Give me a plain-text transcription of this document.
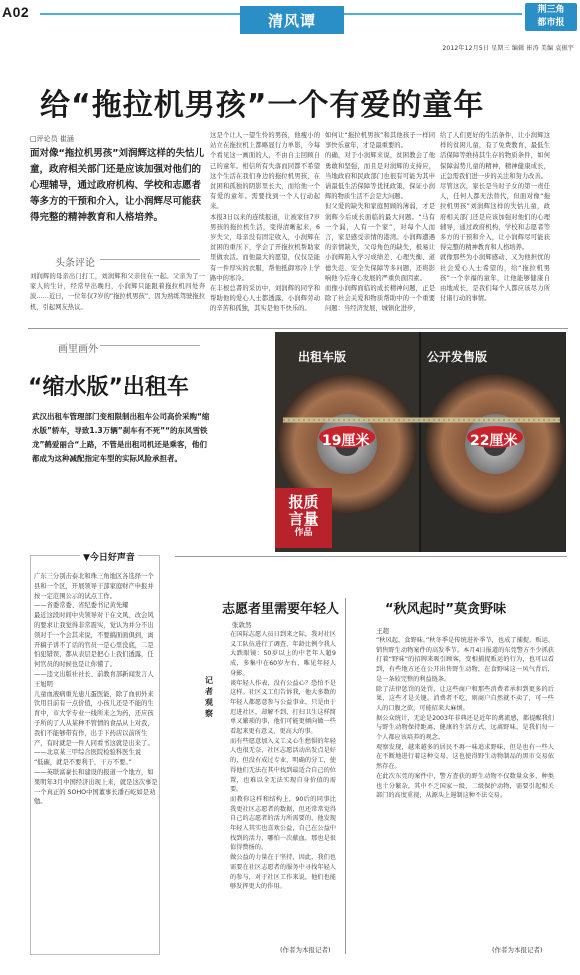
A02	清风谭
荆三角
都市报
2012年12月5日 星期三 编辑 崔涛 美编 袁振宇
给“拖拉机男孩”一个有爱的童年
□评论员 崔涵
面对像“拖拉机男孩”刘润辉这样的失怙儿童，政府相关部门还是应该加强对他们的心理辅导，通过政府机构、学校和志愿者等多方的干预和介入，让小润辉尽可能获得完整的精神教育和人格培养。
头条评论
刘润辉的母亲出门打工，刘润辉和父亲住在一起。父亲为了一家人的生计，经常早出晚归，小润辉只能跟着拖拉机四处奔波……近日，一位年仅7岁的“拖拉机男孩”，因为熟练驾驶拖拉机，引起网友热议。
这是个让人一望生怜的男孩，他瘦小的站立在拖拉机上都略显行力单影，今每个看见这一画面的人，不由自主回顾自己的童年。相信所有失落而同都不希望这个生活在我们身边的拖拉机男孩，在贫困和孤独的阴影里长大，而给他一个有爱的童年。需要找到一个人行动起来。
本报3日以来的连续报道，让被家住7岁男孩的拖拉机生活，变得清晰起来，6岁失父，母亲没有固定收入，小润辉在贫困的重压下，学会了开拖拉机帮助家里做农活。而他最大的愿望，仅仅是能有一件厚实的衣服，帮他抵御寒冷上学路中的寒冷。
在丰根总書的采访中，刘润辉的同学和帮助他的爱心人士都透露，小润辉劳动的辛苦和孤独，其实是他不快乐的。
如何让“拖拉机男孩”和其他孩子一样同享快乐童年，才是最重要的。
的确，对于小润辉来说，贫困教会了他勇敢和坚强，而且是对润辉的支持应，当地政府和民政部门也很有可能为其申请最低生活保障等优抚政策，保证小润辉的物质生活不会是大问题。
但父爱的缺失和家庭照顾的薄弱，才是润辉今后成长面临的最大问题。“马有一个漏，人有一个家”，对每个人而言，家是感受亲情的港湾。小润辉遭遇的亲情缺失，父母角色的缺失，极易让小润辉陷入学习成绩差、心理失衡、道德失范、安全失保障等多问题，还将影响他今后身心发展的严重负面因素。
而像小润辉面临的成长精神问题，正是除了社会关爱和物质帮助中的一个重要问题：当经济发展，城镇化进步，
给了人们更好的生活条件，让小润辉这样的贫困儿童，有了免费教育，最低生活保障等维持其生存的物质条件，如何保障弱势儿童的精神，精神健康成长，正急需我们进一步的关注和努力改善。
尽管这次，家长是当时子女的第一责任人，任何人都无法替代，但面对像“拖拉机男孩”刘润辉这样的失怙儿童，政府相关部门还是应该加强对他们的心理辅导，通过政府机构，学校和志愿者等多方的干预和介入，让小润辉尽可能获得完整的精神教育和人格培养。
就像那些为小润辉感动、又为他担忧的社会爱心人士希望的，给“拖拉机男孩”一个幸福的童年，让他能够健康自由地成长，是我们每个人都应该尽力所付诸行动的事情。
画里画外
“缩水版”出租车
武汉出租车管理部门变相限制出租车公司高价采购“缩水版”轿车，导致1.3万辆”刹车有不死”“的东风雪铁龙”鹤爱丽合“上路，不管是出租司机还是乘客，他们都成为这种减配指定车型的实际风险承担者。
出租车版	公开发售版
19厘米	22厘米
报质
言量
作品
▼今日好声音
广东三分别击泰北和珠三角地区各选择一个县和一个区，开展领导干部家庭财产申报并按一定范围公示的试点工作。
——省委常委、省纪委书记黄先耀
最近这段时间中央领导对干在文风、改会风的要求让我觉得非常震实，觉认为并分不出领对于一个会其来说，不要搞面面俱到，离开稿子讲不了话的官员一是心里没底，二是怕犯错误，都从表层是把心上我们透露，任何官员的时候也是让你懂了。
——违文出版社社长、前教育部新闻发言人王旭明
儿童血液病重光患儿蛋医能，除了血初外来饮用目前有一点价值，小孩儿还是不能的生育中，市大学专业一线所来之为药，还应孩子所的了人从某种不管情的食品从上对我，我们不能够带有作，出手下药店以前所生产，有时就是一件人同看书这就是出来了。
——北京某三甲综合医院检验科医生说
“低碳，就是不要利于，干万不要。”
——英联富豪长和建设的报道一个地方，如果明年3月中国经济出现上来，就是这次事是一个真正的 SOHO中国董事长潘石屹如是劝勉。
志愿者里需要年轻人	“秋风起时”莫贪野味
张敦然
记者观察
在国际志愿人员日到来之际，我对社区义工队伍进行了调查，年龄比例令我人大跌眼镜：50岁以上的中老年人超9成，多集中在60岁左右，唯见年轻人身影。
谈年轻人作表，没有公益心？恐怕不是这样。社区义工们告诉我，他大多数的年轻人都愿意参与公益事业，只是由于迟进社区，却解不到，打扫卫生这样简单又繁琐的事，他们可能更倾向做一些看起来更有意义、更高大的事。
而有些愿意加入义工义心生愁惧的年轻人也很无奈，社区志愿活动出发点是好的，但没有成过专业，明确的分工，使得他们无法在其中找到最适合自己的位置，也难以全无法实现自身价值的需要。
而教你这样和结构上，90后的同事比我更社区志愿者的数据，但还常常觉得自己的志愿者的活力所需要的，他发现年轻人其实也喜欢公益，自己在公益中找到的活力，哪怕一次献血，那也是很值得赞扬的。
做公益的力量在于坚持，因此，我们也需要在社区志愿者的服务中寻找年轻人的参与，对于社区工作来说，他们也能够发挥更大的作用。
(作者为本报记者)
王超
“秋风起，食野味。”秋冬季是传统进补季节，也成了捕捉、贩运、销售野生动物案件的高发季节。本月4日报道的东莞警方不少抓获打着“野味”的招牌来吸引顾客，变相捕捉贩运的行为，也可以看到，有些地方还在公开出售野生动物，在食野味这一风气背后，是一条较完整的利益链条。
除了法律惩罚的处罚，让这些商户和那些消费者承担到更多的后果，这些才是关键。消费者不吃，则商户自然就不卖了，可一些人的口腹之欲，可能招来大麻烦。
据公众统计，无论是2003年非典还是近年的禽流感，都提醒我们与野生动物保持距离，健康的生活方式、远离野味，是我们每一个人都应该培养的观念。
观察发现，越来越多的居民不再一味追求野味，但是也有一些人在不断地进行着这种交易，这也使得野生动物制品的黑市交易依然存在。
在此次东莞的案件中，警方查获的野生动物不仅数量众多，种类也十分繁杂，其中不乏国家一级、二级保护动物，需要引起相关部门的高度重视，从源头上遏制这种不法交易。
(作者为本报记者)
